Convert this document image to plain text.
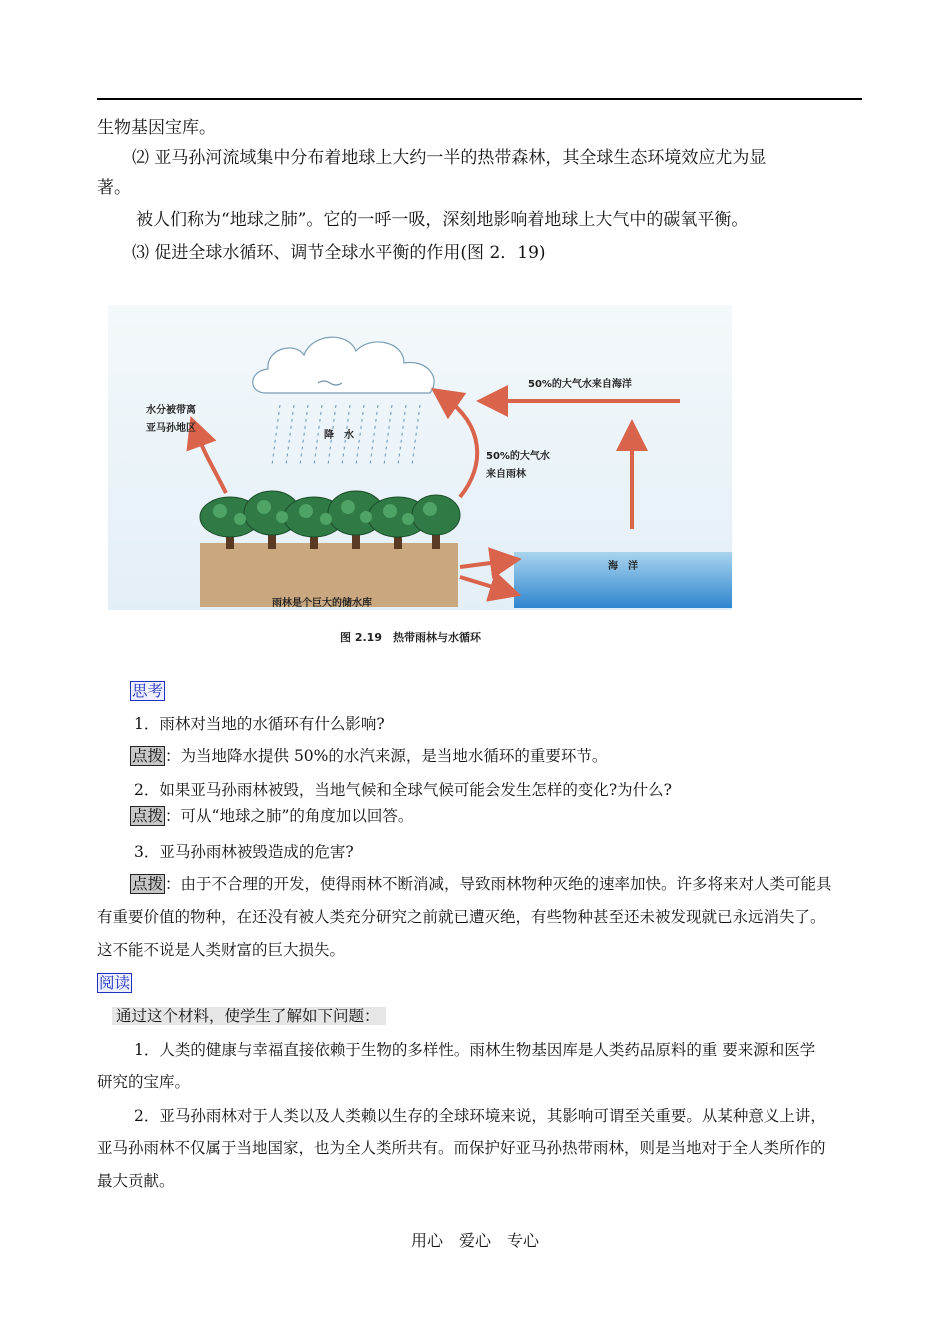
生物基因宝库。
⑵ 亚马孙河流域集中分布着地球上大约一半的热带森林，其全球生态环境效应尤为显
著。
被人们称为“地球之肺”。它的一呼一吸，深刻地影响着地球上大气中的碳氧平衡。
⑶ 促进全球水循环、调节全球水平衡的作用(图 2．19)
水分被带离
亚马孙地区
降　水
50%的大气水
来自雨林
50%的大气水来自海洋
海　洋
雨林是个巨大的储水库
图 2.19　热带雨林与水循环
思考
1．雨林对当地的水循环有什么影响?
点拨 ：为当地降水提供 50%的水汽来源，是当地水循环的重要环节。
2．如果亚马孙雨林被毁，当地气候和全球气候可能会发生怎样的变化?为什么?
点拨 ：可从“地球之肺”的角度加以回答。
3．亚马孙雨林被毁造成的危害?
点拨 ：由于不合理的开发，使得雨林不断消减，导致雨林物种灭绝的速率加快。许多将来对人类可能具
有重要价值的物种，在还没有被人类充分研究之前就已遭灭绝，有些物种甚至还未被发现就已永远消失了。
这不能不说是人类财富的巨大损失。
阅读
通过这个材料，使学生了解如下问题：
1．人类的健康与幸福直接依赖于生物的多样性。雨林生物基因库是人类药品原料的重 要来源和医学
研究的宝库。
2．亚马孙雨林对于人类以及人类赖以生存的全球环境来说，其影响可谓至关重要。从某种意义上讲，
亚马孙雨林不仅属于当地国家，也为全人类所共有。而保护好亚马孙热带雨林，则是当地对于全人类所作的
最大贡献。
用心　爱心　专心
